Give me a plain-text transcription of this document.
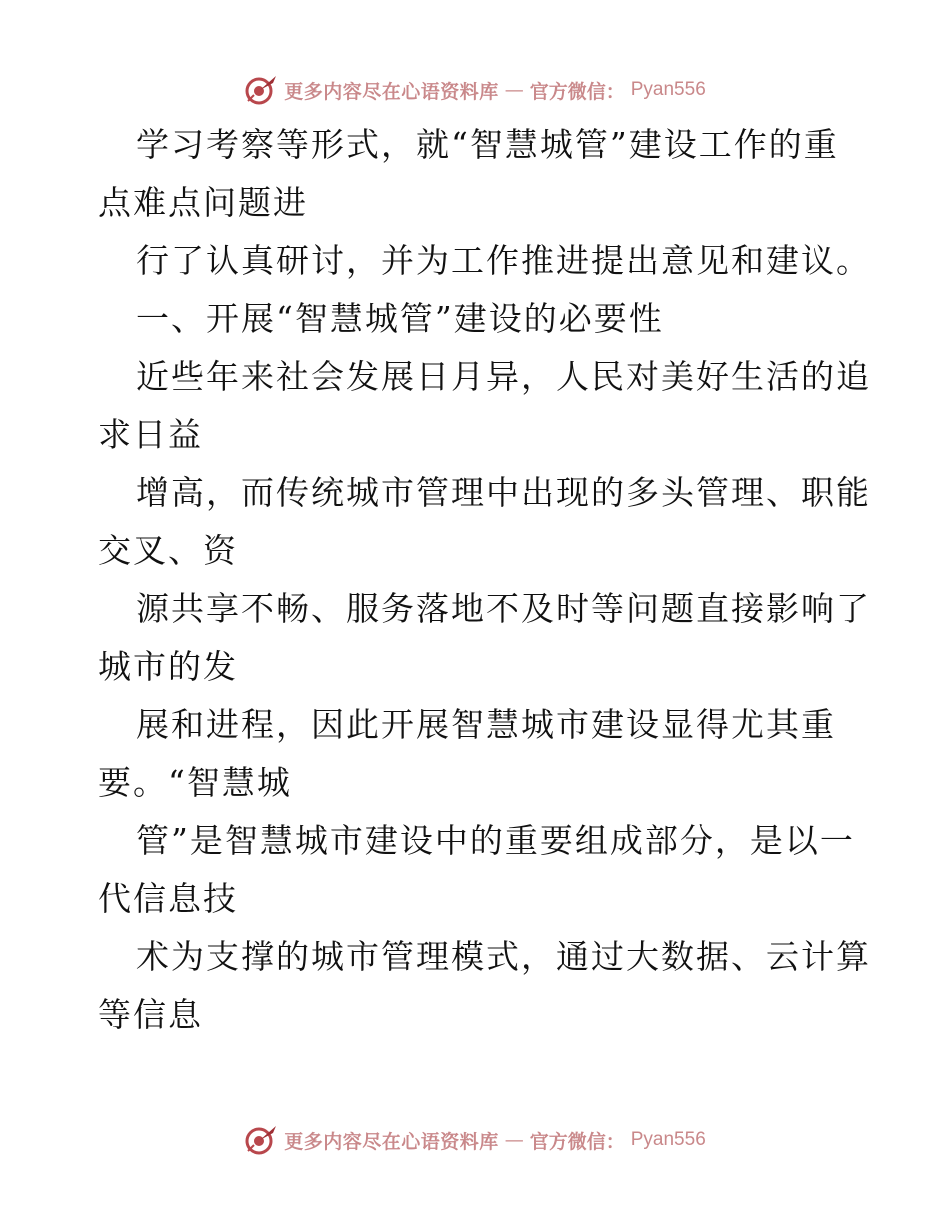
更多内容尽在心语资料库 — 官方微信： Pyan556
学习考察等形式，就“智慧城管”建设工作的重
点难点问题进
行了认真研讨，并为工作推进提出意见和建议。
一、开展“智慧城管”建设的必要性
近些年来社会发展日月异，人民对美好生活的追
求日益
增高，而传统城市管理中出现的多头管理、职能
交叉、资
源共享不畅、服务落地不及时等问题直接影响了
城市的发
展和进程，因此开展智慧城市建设显得尤其重
要。“智慧城
管”是智慧城市建设中的重要组成部分，是以一
代信息技
术为支撑的城市管理模式，通过大数据、云计算
等信息
更多内容尽在心语资料库 — 官方微信： Pyan556
